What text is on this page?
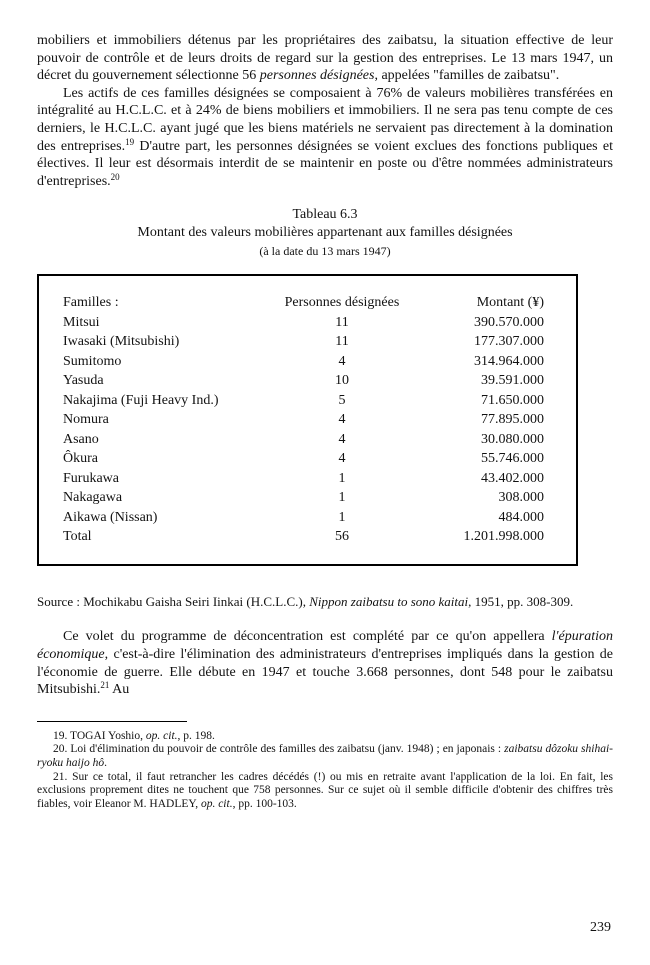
mobiliers et immobiliers détenus par les propriétaires des zaibatsu, la situation effective de leur pouvoir de contrôle et de leurs droits de regard sur la gestion des entreprises. Le 13 mars 1947, un décret du gouvernement sélectionne 56 personnes désignées, appelées "familles de zaibatsu".

Les actifs de ces familles désignées se composaient à 76% de valeurs mobilières transférées en intégralité au H.C.L.C. et à 24% de biens mobiliers et immobiliers. Il ne sera pas tenu compte de ces derniers, le H.C.L.C. ayant jugé que les biens matériels ne servaient pas directement à la domination des entreprises.$^{19}$ D'autre part, les personnes désignées se voient exclues des fonctions publiques et électives. Il leur est désormais interdit de se maintenir en poste ou d'être nommées administrateurs d'entreprises.$^{20}$

Tableau 6.3
Montant des valeurs mobilières appartenant aux familles désignées
(à la date du 13 mars 1947)
Familles :	Personnes désignées	Montant (¥)
Mitsui	11	390.570.000
Iwasaki (Mitsubishi)	11	177.307.000
Sumitomo	4	314.964.000
Yasuda	10	39.591.000
Nakajima (Fuji Heavy Ind.)	5	71.650.000
Nomura	4	77.895.000
Asano	4	30.080.000
Ôkura	4	55.746.000
Furukawa	1	43.402.000
Nakagawa	1	308.000
Aikawa (Nissan)	1	484.000
Total	56	1.201.998.000

Source : Mochikabu Gaisha Seiri Iinkai (H.C.L.C.), Nippon zaibatsu to sono kaitai, 1951, pp. 308-309.

Ce volet du programme de déconcentration est complété par ce qu'on appellera l'épuration économique, c'est-à-dire l'élimination des administrateurs d'entreprises impliqués dans la gestion de l'économie de guerre. Elle débute en 1947 et touche 3.668 personnes, dont 548 pour le zaibatsu Mitsubishi.$^{21}$ Au

19. TOGAI Yoshio, op. cit., p. 198.

20. Loi d'élimination du pouvoir de contrôle des familles des zaibatsu (janv. 1948) ; en japonais : zaibatsu dôzoku shihai-ryoku haijo hô.

21. Sur ce total, il faut retrancher les cadres décédés (!) ou mis en retraite avant l'application de la loi. En fait, les exclusions proprement dites ne touchent que 758 personnes. Sur ce sujet où il semble difficile d'obtenir des chiffres très fiables, voir Eleanor M. HADLEY, op. cit., pp. 100-103.

239
